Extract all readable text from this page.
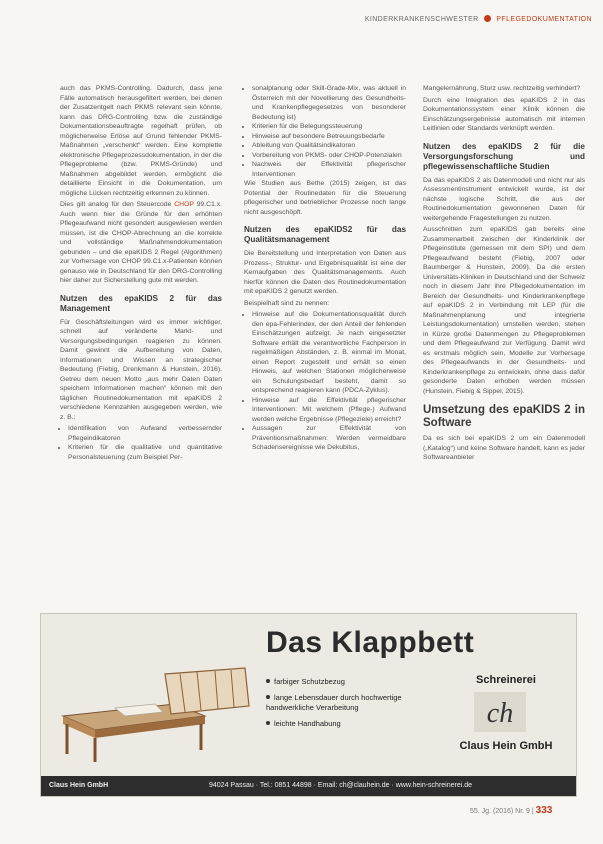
KINDERKRANKENSCHWESTER	PFLEGEDOKUMENTATION

auch das PKMS-Controlling. Dadurch, dass jene Fälle automatisch herausgefiltert werden, bei denen der Zusatzentgelt nach PKMS relevant sein könnte, kann das DRG-Controlling bzw. die zuständige Dokumentationsbeauftragte regelhaft prüfen, ob möglicherweise Erlöse auf Grund fehlender PKMS-Maßnahmen „verschenkt“ werden. Eine komplette elektronische Pflegeprozessdokumentation, in der die Pflegeprobleme (bzw. PKMS-Gründe) und Maßnahmen abgebildet werden, ermöglicht die detaillierte Einsicht in die Dokumentation, um mögliche Lücken rechtzeitig erkennen zu können.

Dies gilt analog für den Steuercode CHOP 99.C1.x. Auch wenn hier die Gründe für den erhöhten Pflegeaufwand nicht gesondert ausgewiesen werden müssen, ist die CHOP-Abrechnung an die korrekte und vollständige Maßnahmendokumentation gebunden – und die epaKIDS 2 Regel (Algorithmen) zur Vorhersage von CHOP 99.C1.x-Patienten können genauso wie in Deutschland für den DRG-Controlling hier daher zur Sicherstellung gute mit werden.

Nutzen des epaKIDS 2 für das Management

Für Geschäftsleitungen wird es immer wichtiger, schnell auf veränderte Markt- und Versorgungsbedingungen reagieren zu können. Damit gewinnt die Aufbereitung von Daten, Informationen und Wissen an strategischer Bedeutung (Fiebig, Drenkmann & Hunstein, 2016). Getreu dem neuen Motto „aus mehr Daten Daten speichern Informationen machen“ können mit den täglichen Routinedokumentation mit epaKIDS 2 verschiedene Kennzahlen ausgegeben werden, wie z. B.:

• Identifikation von Aufwand verbessernder Pflegeindikatoren
• Kriterien für die qualitative und quantitative Personalsteuerung (zum Beispiel Per-
• sonalplanung oder Skill-Grade-Mix, was aktuell in Österreich mit der Novellierung des Gesundheits- und Krankenpflegegesetzes von besonderer Bedeutung ist)
• Kriterien für die Belegungssteuerung
• Hinweise auf besondere Betreuungsbedarfe
• Ableitung von Qualitätsindikatoren
• Vorbereitung von PKMS- oder CHOP-Potenzialen
• Nachweis der Effektivität pflegerischer Interventionen

Wie Studien aus Bethe (2015) zeigen, ist das Potential der Routinedaten für die Steuerung pflegerischer und betrieblicher Prozesse noch lange nicht ausgeschöpft.

Nutzen des epaKIDS2 für das Qualitätsmanagement

Die Bereitstellung und Interpretation von Daten aus Prozess-, Struktur- und Ergebnisqualität ist eine der Kernaufgaben des Qualitätsmanagements. Auch hierfür können die Daten des Routinedokumentation mit epaKIDS 2 genutzt werden.

Beispielhaft sind zu nennen:

• Hinweise auf die Dokumentationsqualität durch den epa-Fehlerindex, der den Anteil der fehlenden Einschätzungen aufzeigt. Je nach eingesetzter Software erhält die verantwortliche Fachperson in regelmäßigen Abständen, z. B. einmal im Monat, einen Report zugestellt und erhält so einen Hinweis, auf welchen Stationen möglicherweise ein Schulungsbedarf besteht, damit so entsprechend reagieren kann (PDCA-Zyklus).
• Hinweise auf die Effektivität pflegerischer Interventionen: Mit welchem (Pflege-) Aufwand werden welche Ergebnisse (Pflegeziele) erreicht?
• Aussagen zur Effektivität von Präventionsmaßnahmen: Werden vermeidbare Schadensereignisse wie Dekubitus,

Mangelernährung, Sturz usw. rechtzeitig verhindert?

Durch eine Integration des epaKIDS 2 in das Dokumentationssystem einer Klinik können die Einschätzungsergebnisse automatisch mit internen Leitlinien oder Standards verknüpft werden.

Nutzen des epaKIDS 2 für die Versorgungsforschung und pflegewissenschaftliche Studien

Da das epaKIDS 2 als Datenmodell und nicht nur als Assessmentinstrument entwickelt wurde, ist der nächste logische Schritt, die aus der Routinedokumentation gewonnenen Daten für weitergehende Fragestellungen zu nutzen.

Ausschnitten zum epaKIDS gab bereits eine Zusammenarbeit zwischen der Kinderklinik der Pflegeinstitute (gemessen mit dem SPI) und dem Pflegeaufwand besteht (Fiebig, 2007 oder Baumberger & Hunstein, 2009). Da die ersten Universitäts-Kliniken in Deutschland und der Schweiz noch in diesem Jahr ihre Pflegedokumentation im Bereich der Gesundheits- und Kinderkrankenpflege auf epaKIDS 2 in Verbindung mit LEP (für die Maßnahmenplanung und integrierte Leistungsdokumentation) umstellen werden, stehen in Kürze große Datenmengen zu Pflegeproblemen und dem Pflegeaufwand zur Verfügung. Damit wird es erstmals möglich sein, Modelle zur Vorhersage des Pflegeaufwands in der Gesundheits- und Kinderkrankenpflege zu entwickeln, ohne dass dafür gesonderte Daten erhoben werden müssen (Hunstein, Fiebig & Sippel, 2015).

Umsetzung des epaKIDS 2 in Software

Da es sich bei epaKIDS 2 um ein Datenmodell („Katalog“) und keine Software handelt, kann es jeder Softwareanbieter

Das Klappbett
farbiger Schutzbezug
lange Lebensdauer durch hochwertige handwerkliche Verarbeitung
leichte Handhabung
Schreinerei
ch
Claus Hein GmbH
Claus Hein GmbH	94024 Passau · Tel.: 0851 44898 · Email: ch@clauhein.de · www.hein-schreinerei.de
55. Jg. (2016) Nr. 9 | 333
